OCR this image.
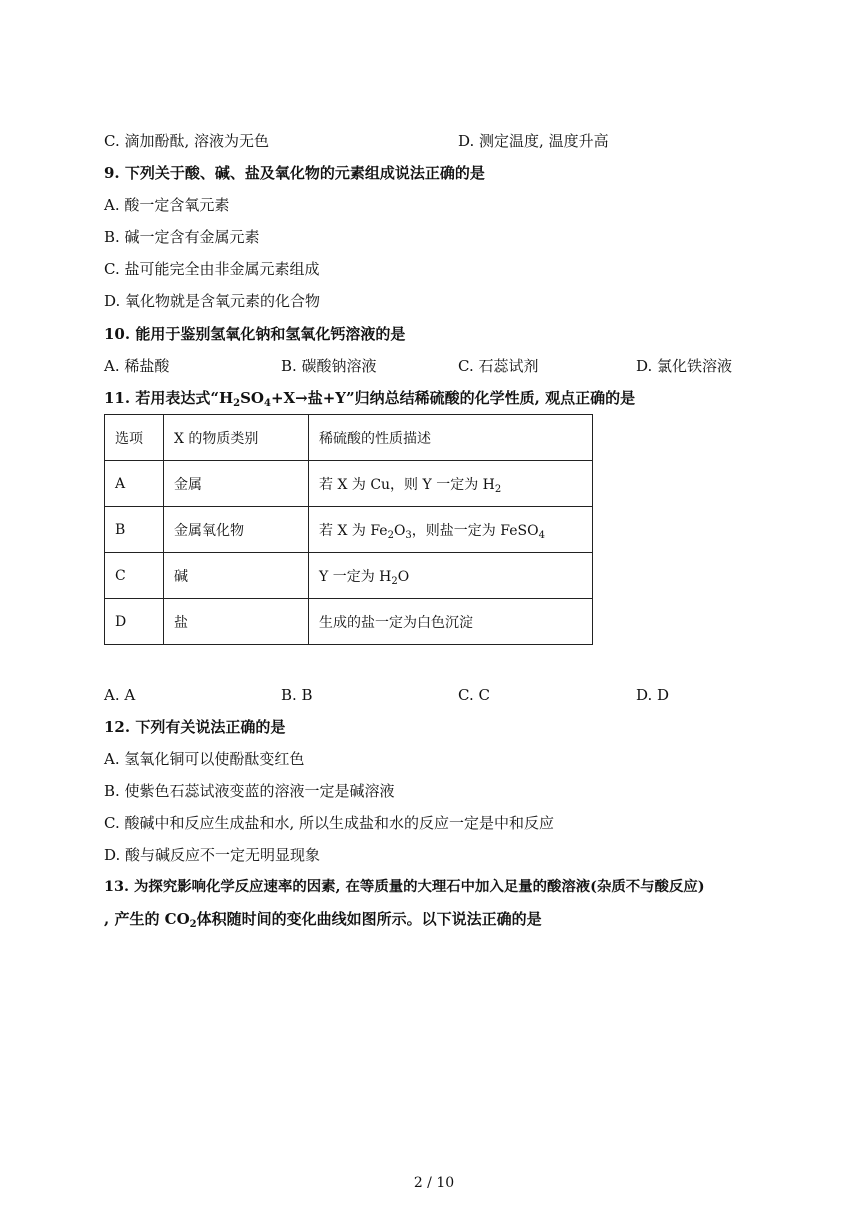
C. 滴加酚酞, 溶液为无色	D. 测定温度, 温度升高
9. 下列关于酸、碱、盐及氧化物的元素组成说法正确的是
A. 酸一定含氧元素
B. 碱一定含有金属元素
C. 盐可能完全由非金属元素组成
D. 氧化物就是含氧元素的化合物
10. 能用于鉴别氢氧化钠和氢氧化钙溶液的是
A. 稀盐酸	B. 碳酸钠溶液	C. 石蕊试剂	D. 氯化铁溶液
11. 若用表达式“$H_2SO_4+X\to$盐+Y”归纳总结稀硫酸的化学性质, 观点正确的是
选项	X 的物质类别	稀硫酸的性质描述
A	金属	若 X 为 Cu，则 Y 一定为 $H_2$
B	金属氧化物	若 X 为 $Fe_2O_3$，则盐一定为 FeSO$_4$
C	碱	Y 一定为 $H_2O$
D	盐	生成的盐一定为白色沉淀
A. A	B. B	C. C	D. D
12. 下列有关说法正确的是
A. 氢氧化铜可以使酚酞变红色
B. 使紫色石蕊试液变蓝的溶液一定是碱溶液
C. 酸碱中和反应生成盐和水, 所以生成盐和水的反应一定是中和反应
D. 酸与碱反应不一定无明显现象
13. 为探究影响化学反应速率的因素, 在等质量的大理石中加入足量的酸溶液(杂质不与酸反应)
, 产生的 $CO_2$体积随时间的变化曲线如图所示。以下说法正确的是
2 / 10
